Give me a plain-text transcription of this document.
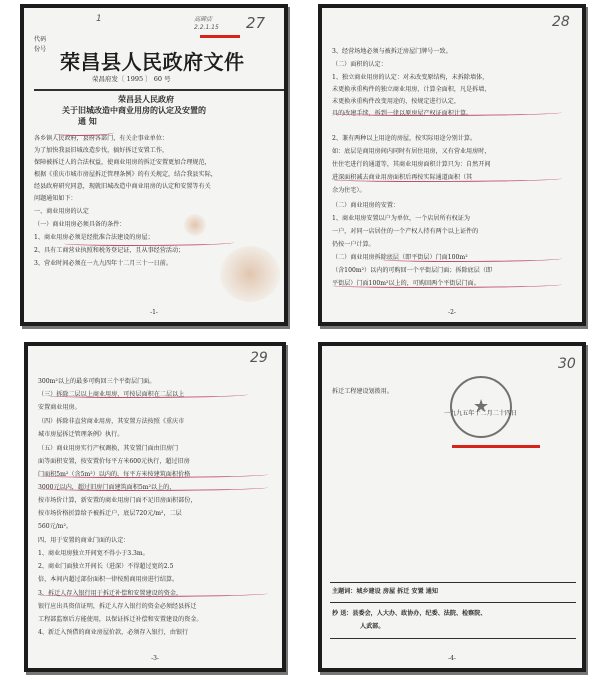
代码
份号
1	高碑店 2.2.1.15	27
荣昌县人民政府文件
荣昌府发〔 1995 〕 60 号
荣昌县人民政府
关于旧城改造中商业用房的认定及安置的
通 知
各乡镇人民政府，县府各部门，有关企事业单位：
为了加快我县旧城改造步伐，搞好拆迁安置工作，
保障被拆迁人的合法权益，使商业用房的拆迁安置更加合理规范，
根据《重庆市城市房屋拆迁管理条例》的有关规定，结合我县实际，
经县政府研究同意，现就旧城改造中商业用房的认定和安置等有关
问题通知如下：
一、商业用房的认定
（一）商业用房必须具备的条件：
1、商业用房必须是经批准合法建设的房屋；
2、具有工商营业执照和税务登记证，且从事经营活动；
3、营业时间必须在一九九四年十二月三十一日前。
-1-
28
3、经营场地必须与被拆迁房屋门牌号一致。
（二）面积的认定：
1、独立商业用房的认定：对未改变原结构，未拆除墙体，
未更换承重构件的独立商业用房，计算全面积，凡是拆墙、
未更换承重构件改变用途的，按规定进行认定，
具的改建手续，拆到一律以原房屋产权证面积计算。
2、兼有两种以上用途的房屋，按实际用途分别计算。
如：底层是商用房间内同时有居住用房，又有营业用房时，
住住宅进行的通道等，其商业用房面积计算只为：自然开间
进深面积减去商业用房面积后再按实际通道面积（其
余为住宅）。
（二）商业用房的安置：
1、商业用房安置以户为单位，一个店居所有权证为
一户，对同一店居住的一个产权人持有两个以上证件的
仍按一户计算。
（二）商业用房拆除底层（即平街层）门面100m²
（含100m²）以内的可购回一个平街层门面；拆除底层（即
平街层）门面100m²以上的，可购回两个平街层门面。
-2-
29
300m²以上的最多可购回三个平街层门面。
（三）拆除二层以上商业用房，可按层面积在二层以上
安置商业用房。
（四）拆除非直营商业用房，其安置方法按照《重庆市
城市房屋拆迁管理条例》执行。
（五）商业用房实行产权调换，其安置门面由旧房门
面等面积安置，按安置价每平方米600元执行，超过旧房
门面积5m²（含5m²）以内的，每平方米按建筑面积价格
3000元以内，超过旧房门面建筑面积5m²以上的，
按市场价计算，新安置的商业用房门面不足旧房面积部份，
按市场价格折算给予被拆迁户，底层720元/m²，二层
560元/m²。
四、用于安置的商业门面的认定：
1、商业用房独立开间宽不得小于3.3m。
2、商业门面独立开间长（进深）不得超过宽的2.5
倍，本间内超过部份面积一律按照商用房进行结算。
3、拆迁人存入银行用于拆迁补偿和安置建设的资金，
银行应出具资信证明，拆迁人存入银行的资金必须经县拆迁
工程部监察后方能使用，以保证拆迁补偿和安置建设的资金。
4、新迁入预借的商业房屋价款，必须存入银行，由银行
-3-
30
拆迁工程建设划拨用。
★
一九九五年十二月二十四日
主题词：城乡建设 房屋 拆迁 安置 通知
抄 送：县委会，人大办、政协办，纪委、法院、检察院、
人武部。
-4-
